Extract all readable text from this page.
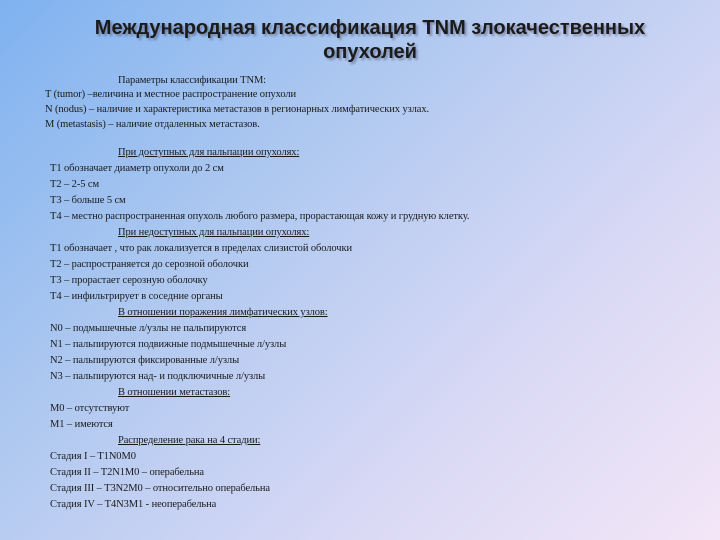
Международная классификация TNM злокачественных
опухолей
Параметры классификации TNM:
T (tumor) –величина и местное распространение опухоли
N (nodus) – наличие и характеристика метастазов в регионарных лимфатических узлах.
M (metastasis) – наличие отдаленных метастазов.
При доступных для пальпации опухолях:
T1 обозначает диаметр опухоли до 2 см
T2 – 2-5 см
T3 – больше 5 см
T4 – местно распространенная опухоль любого размера, прорастающая кожу и грудную клетку.
При недоступных для пальпации опухолях:
T1 обозначает , что рак локализуется в пределах слизистой оболочки
T2 – распространяется до серозной оболочки
T3 – прорастает серозную оболочку
T4 – инфильтрирует в соседние органы
В отношении поражения лимфатических узлов:
N0 – подмышечные л/узлы не пальпируются
N1 – пальпируются подвижные подмышечные л/узлы
N2 – пальпируются фиксированные л/узлы
N3 – пальпируются над- и подключичные л/узлы
В отношении метастазов:
M0 – отсутствуют
M1 – имеются
Распределение рака на 4 стадии:
Стадия I – T1N0M0
Стадия II – T2N1M0 – операбельна
Стадия III – T3N2M0 – относительно операбельна
Стадия IV – T4N3M1 - неоперабельна
